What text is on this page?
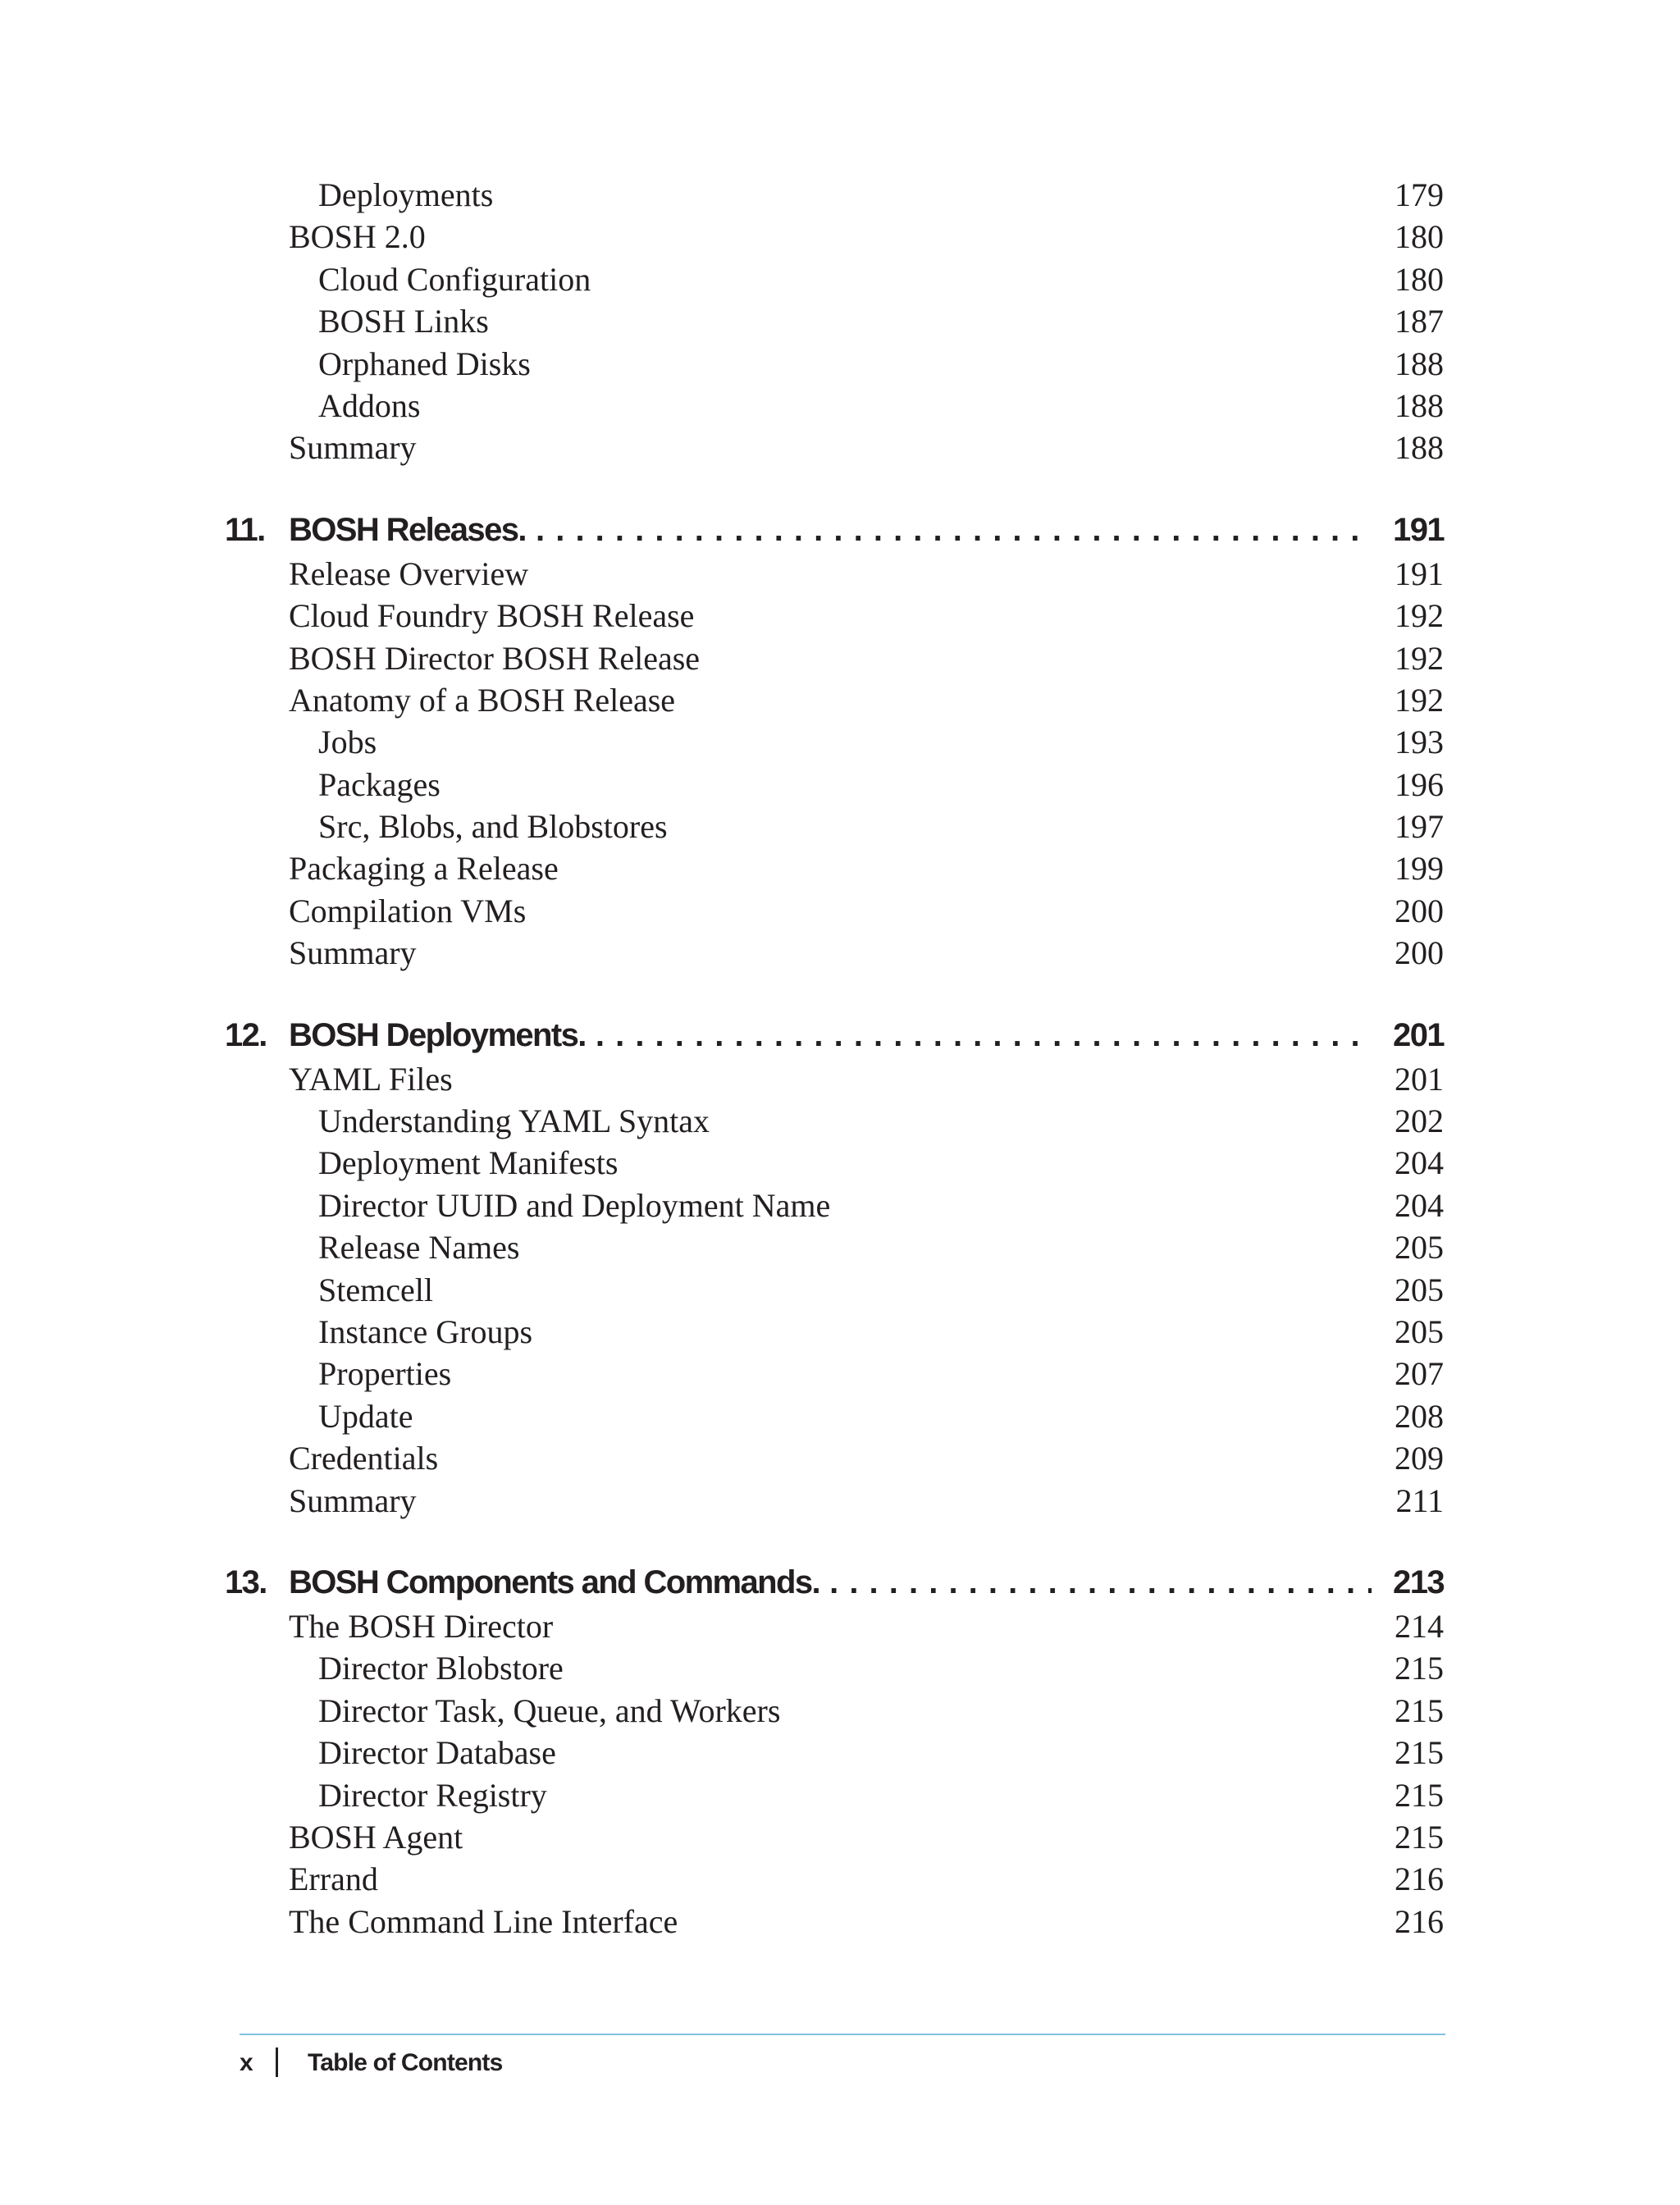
Deployments	179
BOSH 2.0	180
Cloud Configuration	180
BOSH Links	187
Orphaned Disks	188
Addons	188
Summary	188
11. BOSH Releases. . . .	191
Release Overview	191
Cloud Foundry BOSH Release	192
BOSH Director BOSH Release	192
Anatomy of a BOSH Release	192
Jobs	193
Packages	196
Src, Blobs, and Blobstores	197
Packaging a Release	199
Compilation VMs	200
Summary	200
12. BOSH Deployments. . . .	201
YAML Files	201
Understanding YAML Syntax	202
Deployment Manifests	204
Director UUID and Deployment Name	204
Release Names	205
Stemcell	205
Instance Groups	205
Properties	207
Update	208
Credentials	209
Summary	211
13. BOSH Components and Commands. . . .	213
The BOSH Director	214
Director Blobstore	215
Director Task, Queue, and Workers	215
Director Database	215
Director Registry	215
BOSH Agent	215
Errand	216
The Command Line Interface	216
x Table of Contents
